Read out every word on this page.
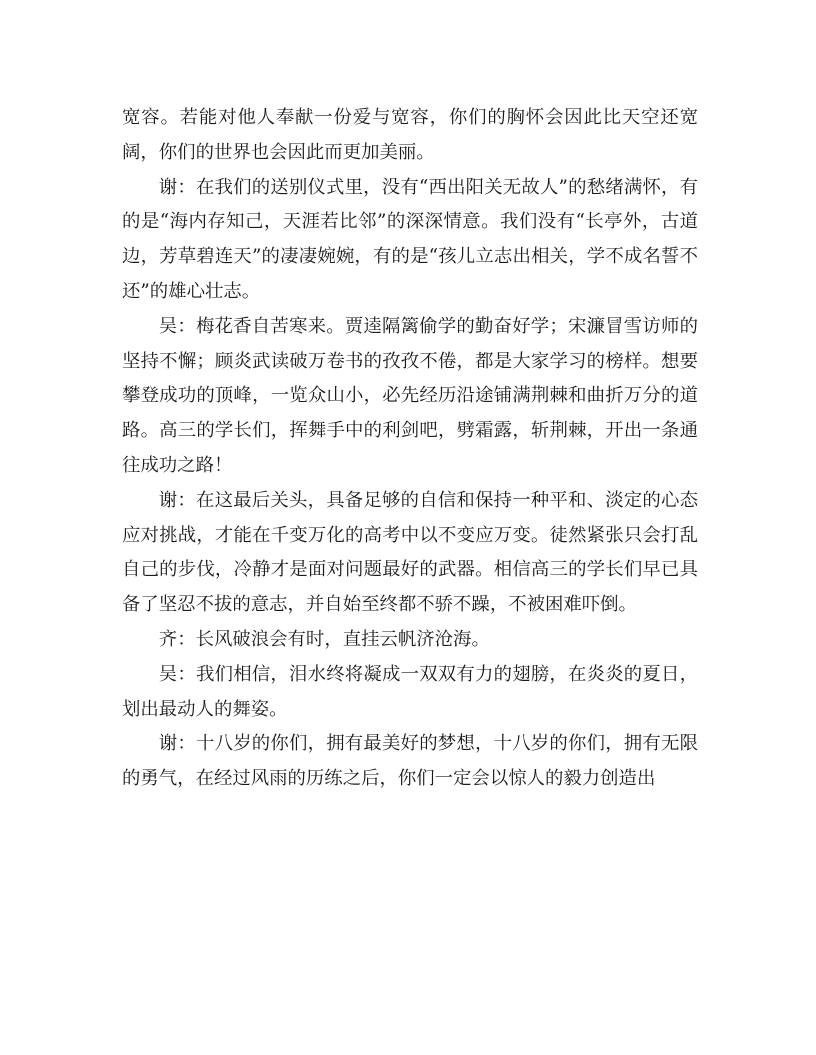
宽容。若能对他人奉献一份爱与宽容，你们的胸怀会因此比天空还宽阔，你们的世界也会因此而更加美丽。

谢：在我们的送别仪式里，没有“西出阳关无故人”的愁绪满怀，有的是“海内存知己，天涯若比邻”的深深情意。我们没有“长亭外，古道边，芳草碧连天”的凄凄婉婉，有的是“孩儿立志出相关，学不成名誓不还”的雄心壮志。

吴：梅花香自苦寒来。贾逵隔篱偷学的勤奋好学；宋濂冒雪访师的坚持不懈；顾炎武读破万卷书的孜孜不倦，都是大家学习的榜样。想要攀登成功的顶峰，一览众山小，必先经历沿途铺满荆棘和曲折万分的道路。高三的学长们，挥舞手中的利剑吧，劈霜露，斩荆棘，开出一条通往成功之路！

谢：在这最后关头，具备足够的自信和保持一种平和、淡定的心态应对挑战，才能在千变万化的高考中以不变应万变。徒然紧张只会打乱自己的步伐，冷静才是面对问题最好的武器。相信高三的学长们早已具备了坚忍不拔的意志，并自始至终都不骄不躁，不被困难吓倒。

齐：长风破浪会有时，直挂云帆济沧海。

吴：我们相信，泪水终将凝成一双双有力的翅膀，在炎炎的夏日，划出最动人的舞姿。

谢：十八岁的你们，拥有最美好的梦想，十八岁的你们，拥有无限的勇气，在经过风雨的历练之后，你们一定会以惊人的毅力创造出
